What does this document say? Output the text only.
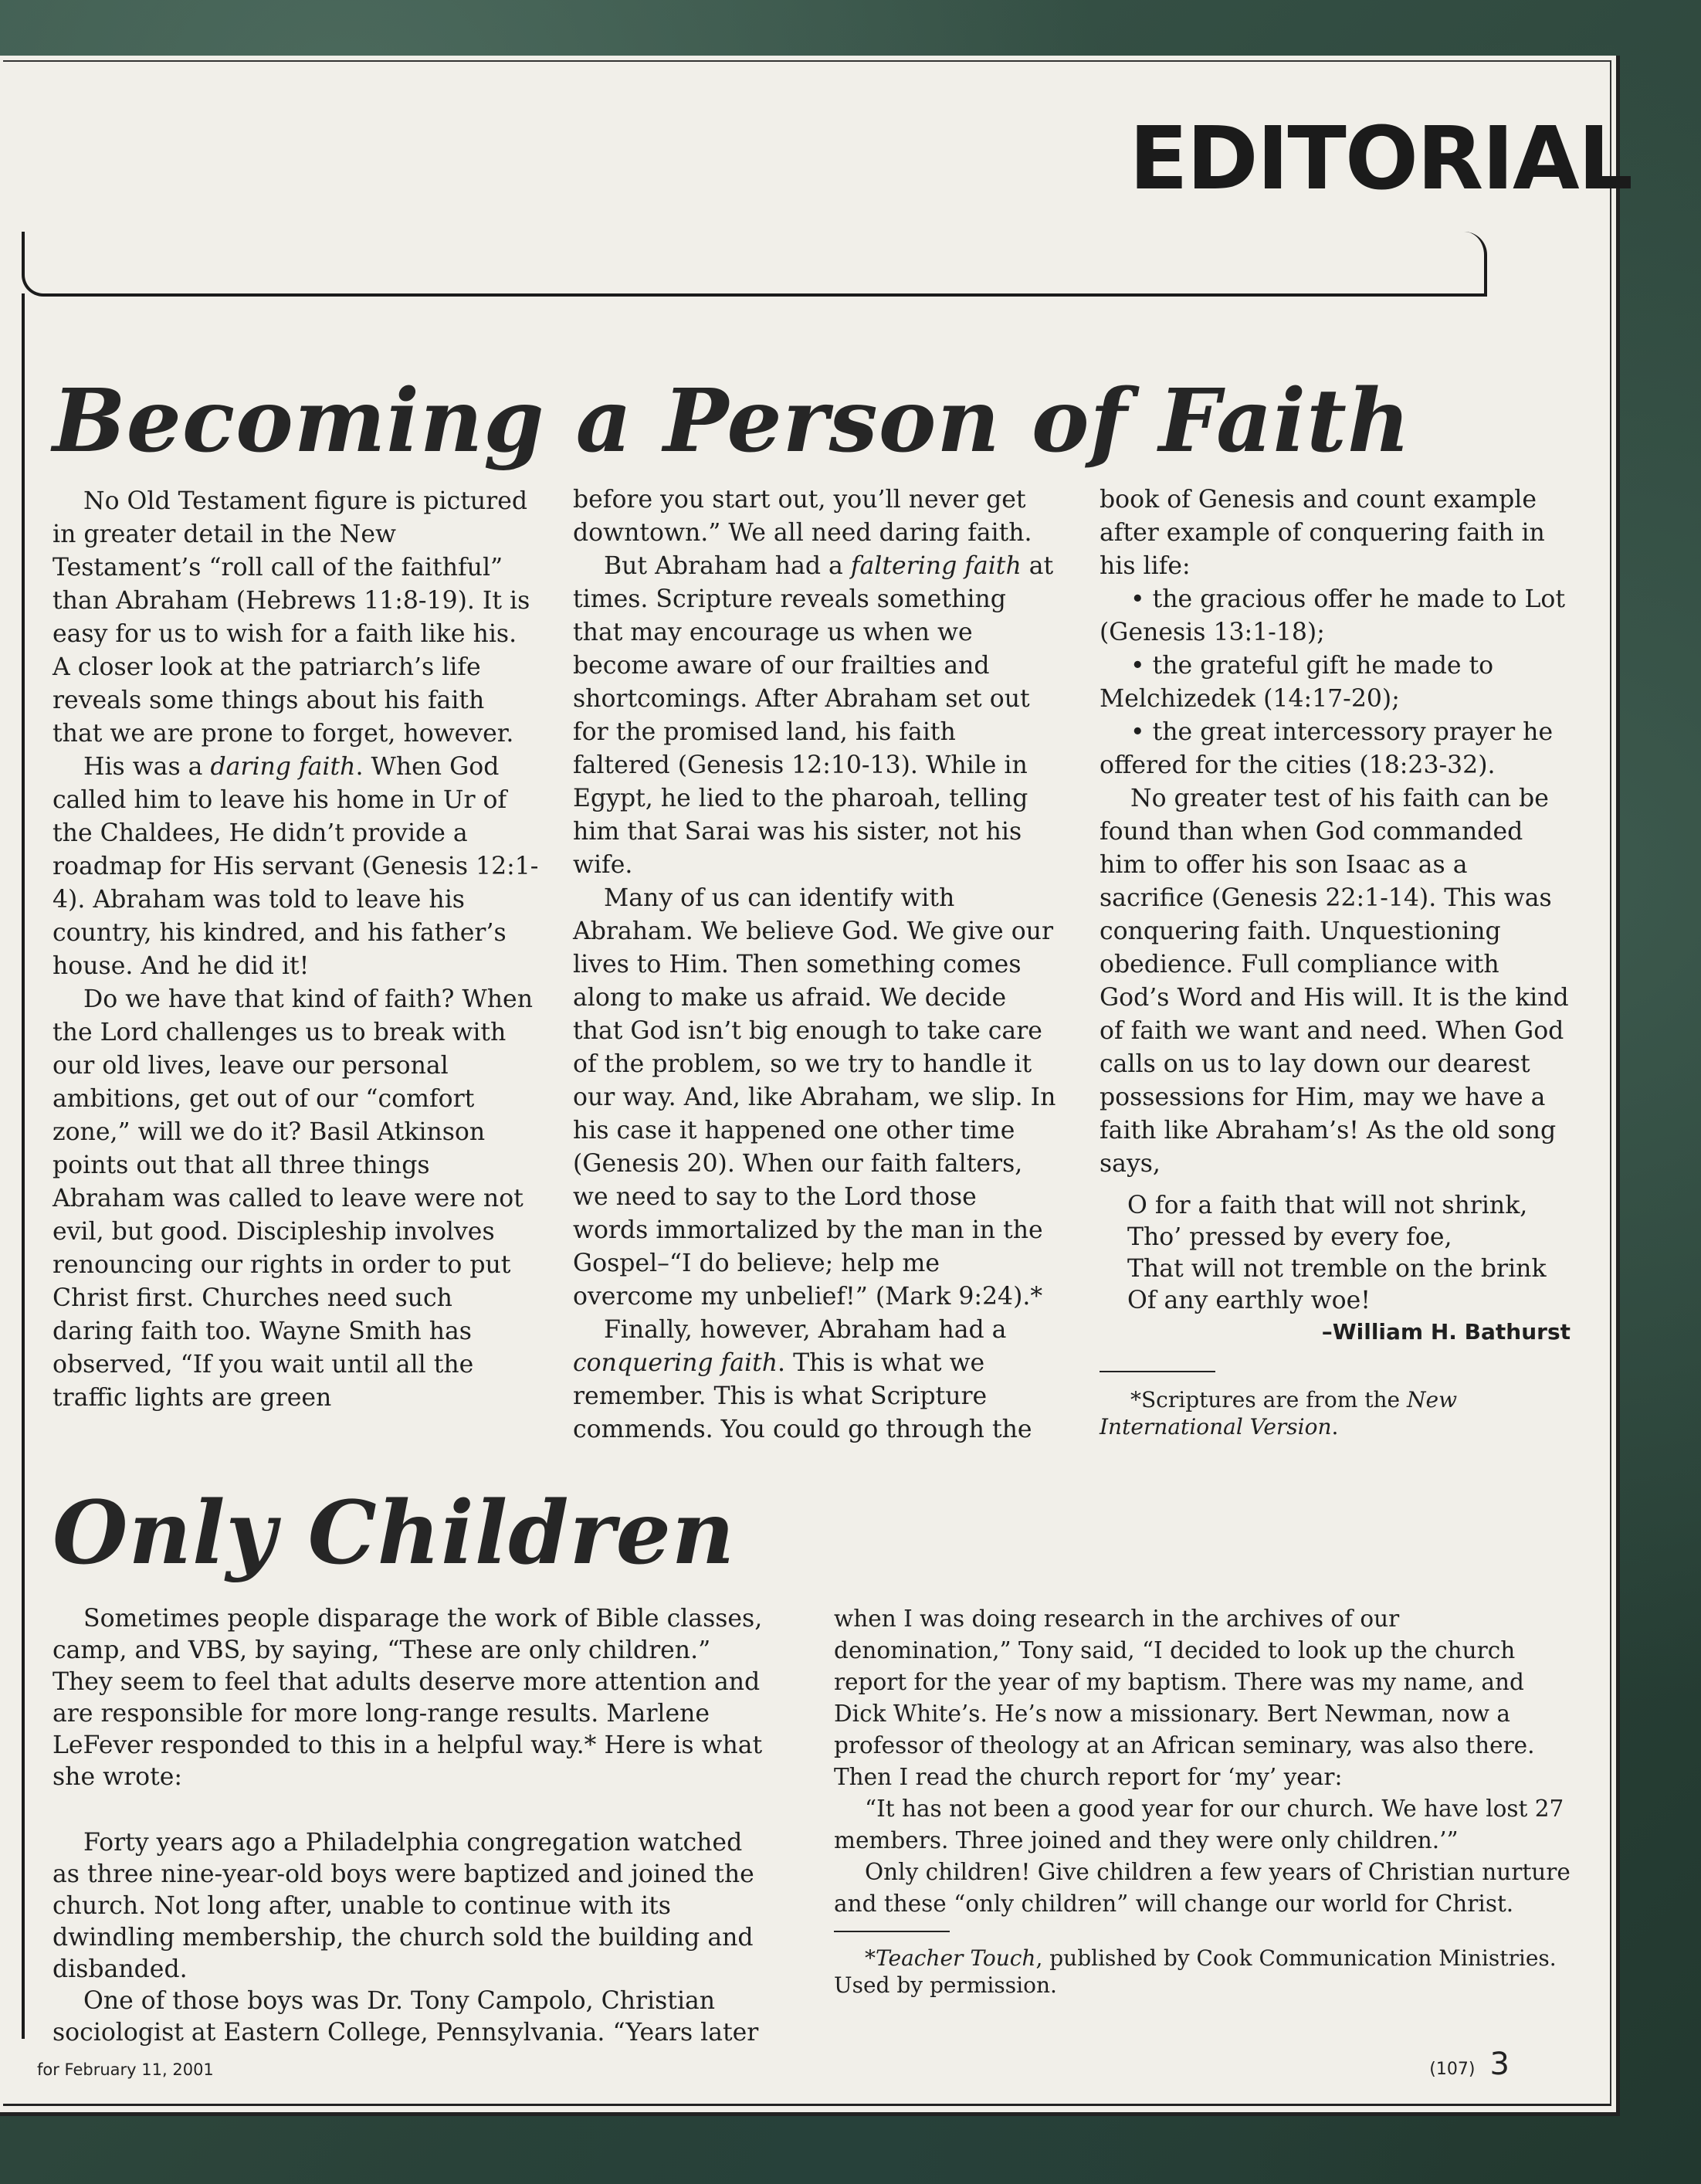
EDITORIAL
Becoming a Person of Faith

No Old Testament figure is pictured in greater detail in the New Testament’s “roll call of the faithful” than Abraham (Hebrews 11:8-19). It is easy for us to wish for a faith like his. A closer look at the patriarch’s life reveals some things about his faith that we are prone to forget, however.

His was a daring faith. When God called him to leave his home in Ur of the Chaldees, He didn’t provide a roadmap for His servant (Genesis 12:1-4). Abraham was told to leave his country, his kindred, and his father’s house. And he did it!

Do we have that kind of faith? When the Lord challenges us to break with our old lives, leave our personal ambitions, get out of our “comfort zone,” will we do it? Basil Atkinson points out that all three things Abraham was called to leave were not evil, but good. Discipleship involves renouncing our rights in order to put Christ first. Churches need such daring faith too. Wayne Smith has observed, “If you wait until all the traffic lights are green

before you start out, you’ll never get downtown.” We all need daring faith.

But Abraham had a faltering faith at times. Scripture reveals something that may encourage us when we become aware of our frailties and shortcomings. After Abraham set out for the promised land, his faith faltered (Genesis 12:10-13). While in Egypt, he lied to the pharoah, telling him that Sarai was his sister, not his wife.

Many of us can identify with Abraham. We believe God. We give our lives to Him. Then something comes along to make us afraid. We decide that God isn’t big enough to take care of the problem, so we try to handle it our way. And, like Abraham, we slip. In his case it happened one other time (Genesis 20). When our faith falters, we need to say to the Lord those words immortalized by the man in the Gospel–“I do believe; help me overcome my unbelief!” (Mark 9:24).*

Finally, however, Abraham had a conquering faith. This is what we remember. This is what Scripture commends. You could go through the

book of Genesis and count example after example of conquering faith in his life:

• the gracious offer he made to Lot (Genesis 13:1-18);

• the grateful gift he made to Melchizedek (14:17-20);

• the great intercessory prayer he offered for the cities (18:23-32).

No greater test of his faith can be found than when God commanded him to offer his son Isaac as a sacrifice (Genesis 22:1-14). This was conquering faith. Unquestioning obedience. Full compliance with God’s Word and His will. It is the kind of faith we want and need. When God calls on us to lay down our dearest possessions for Him, may we have a faith like Abraham’s! As the old song says,

O for a faith that will not shrink,
Tho’ pressed by every foe,
That will not tremble on the brink
Of any earthly woe!
–William H. Bathurst

*Scriptures are from the New International Version.

Only Children

Sometimes people disparage the work of Bible classes, camp, and VBS, by saying, “These are only children.” They seem to feel that adults deserve more attention and are responsible for more long-range results. Marlene LeFever responded to this in a helpful way.* Here is what she wrote:

Forty years ago a Philadelphia congregation watched as three nine-year-old boys were baptized and joined the church. Not long after, unable to continue with its dwindling membership, the church sold the building and disbanded.

One of those boys was Dr. Tony Campolo, Christian sociologist at Eastern College, Pennsylvania. “Years later

when I was doing research in the archives of our denomination,” Tony said, “I decided to look up the church report for the year of my baptism. There was my name, and Dick White’s. He’s now a missionary. Bert Newman, now a professor of theology at an African seminary, was also there. Then I read the church report for ‘my’ year:

“It has not been a good year for our church. We have lost 27 members. Three joined and they were only children.’”

Only children! Give children a few years of Christian nurture and these “only children” will change our world for Christ.

*Teacher Touch, published by Cook Communication Ministries. Used by permission.

for February 11, 2001	(107) 3
